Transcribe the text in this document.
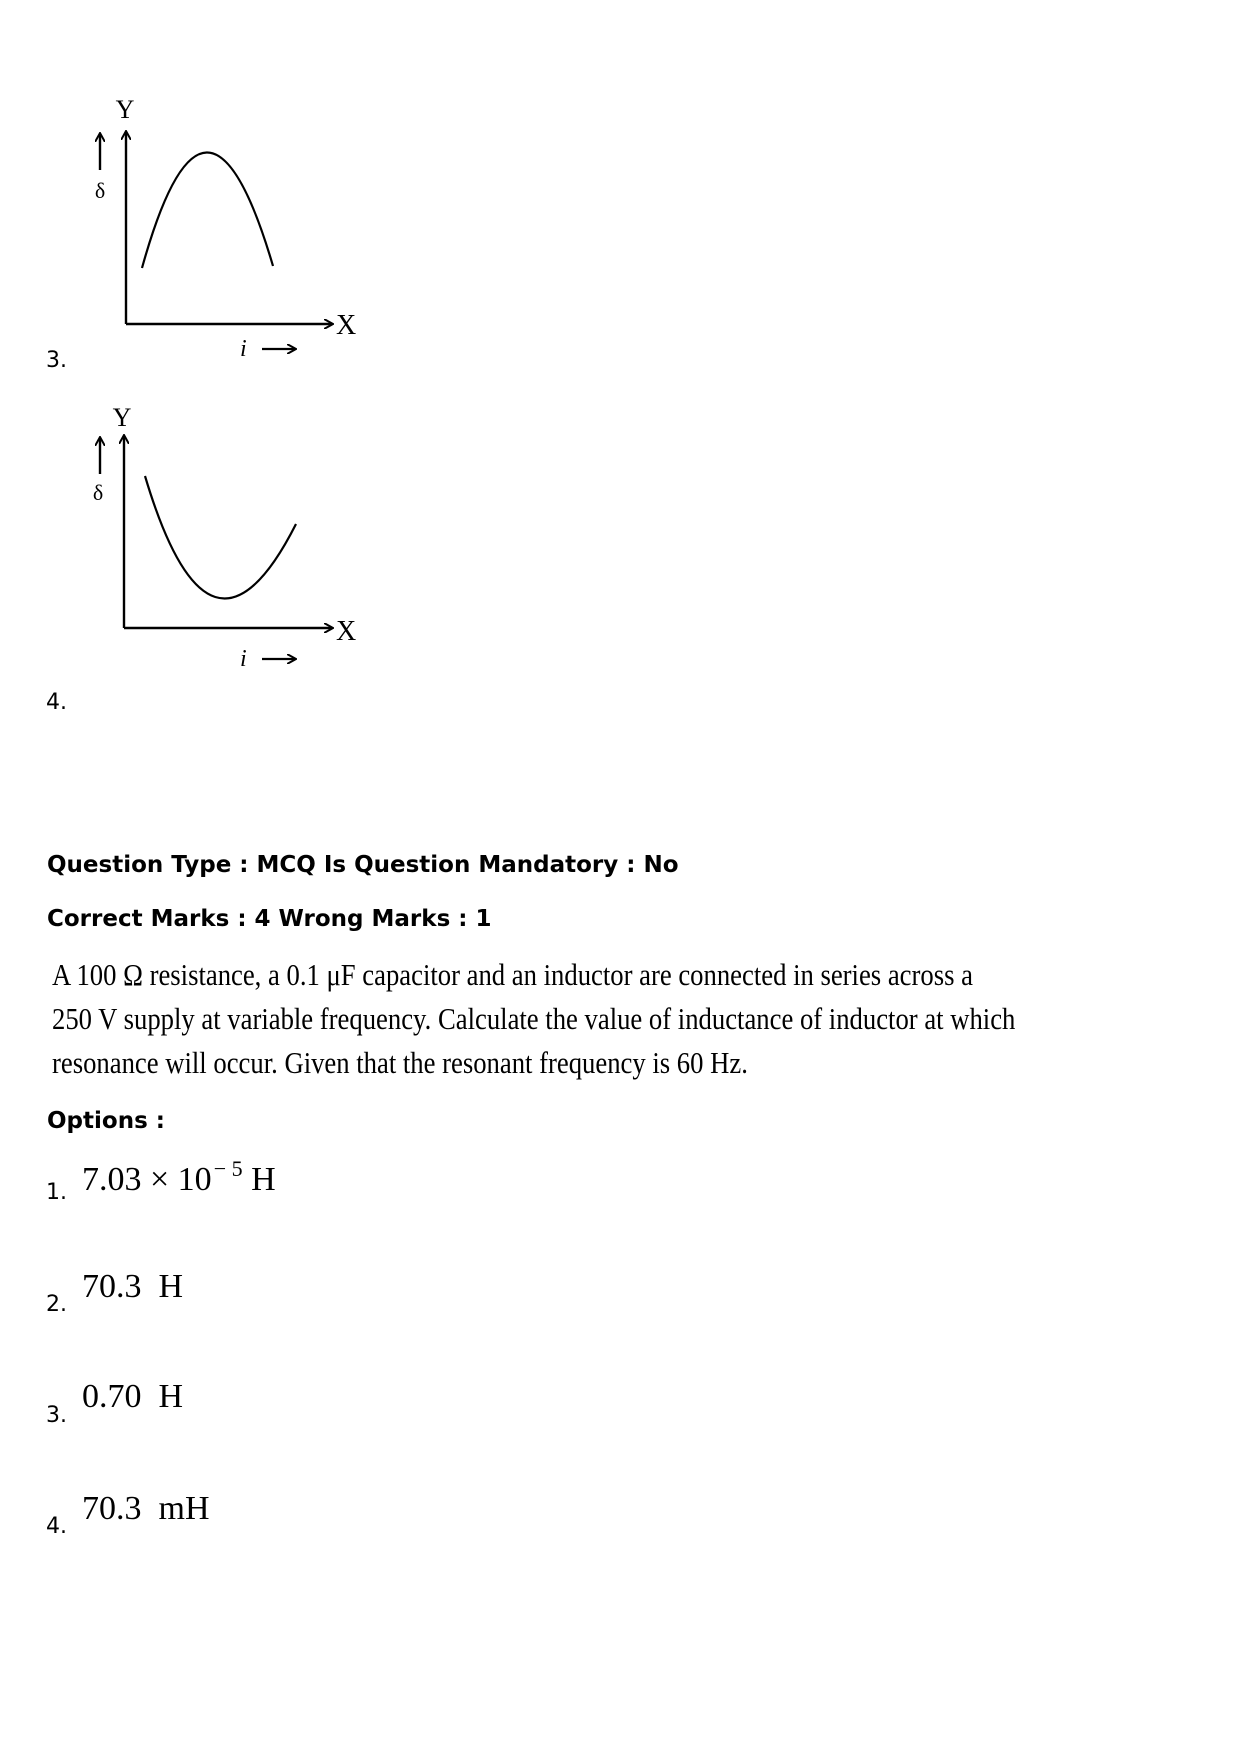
Y
X
δ
i
3.
Y
X
δ
i
4.
Question Type : MCQ Is Question Mandatory : No
Correct Marks : 4 Wrong Marks : 1
A 100 Ω resistance, a 0.1 μF capacitor and an inductor are connected in series across a
250 V supply at variable frequency. Calculate the value of inductance of inductor at which
resonance will occur. Given that the resonant frequency is 60 Hz.
Options :
1. $7.03 \times 10^{- 5}$ H
2. 70.3  H
3.
0.70  H
4. 70.3  mH
